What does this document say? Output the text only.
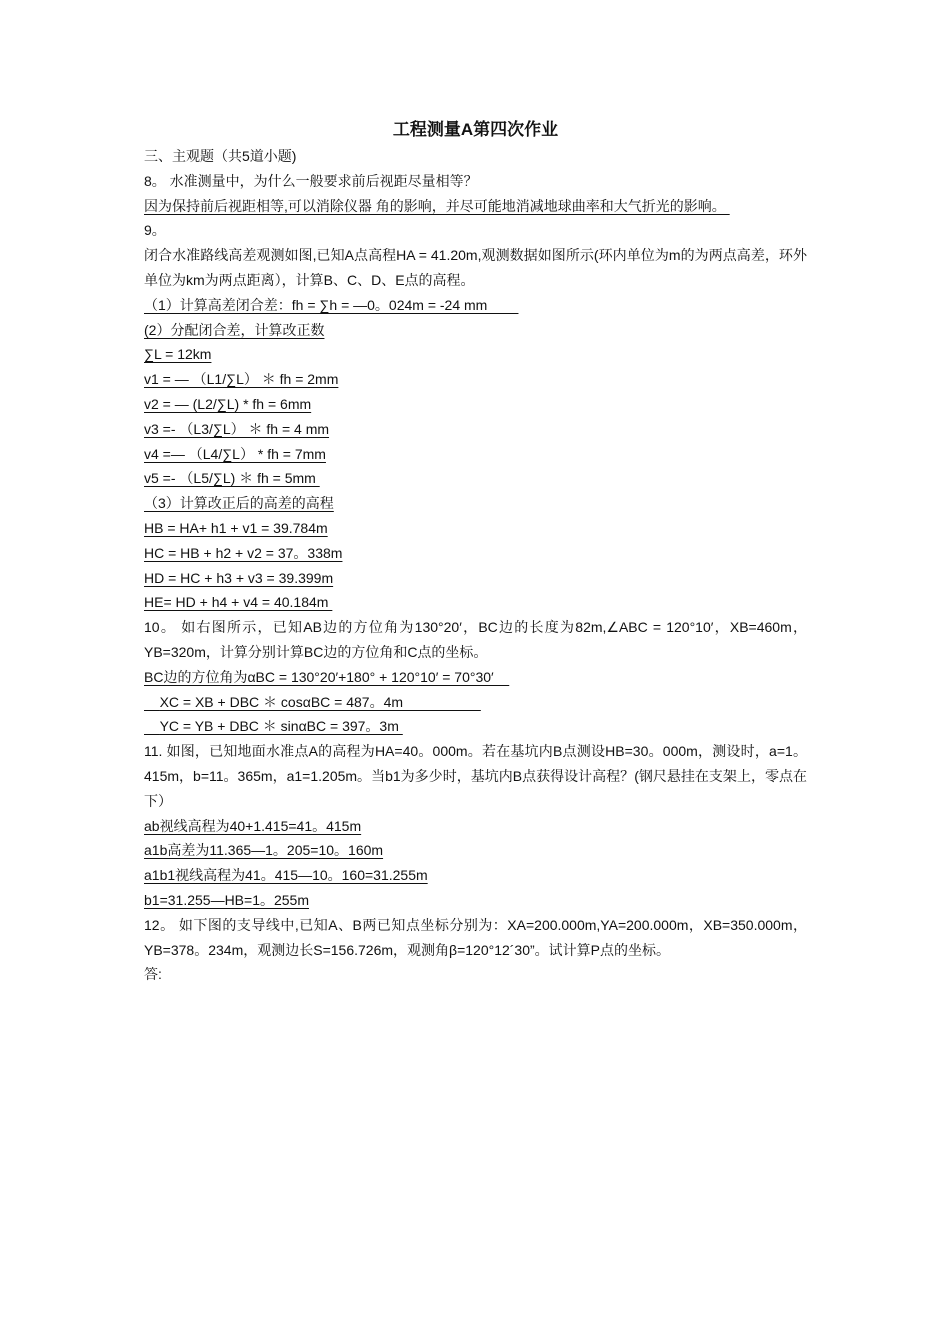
工程测量A第四次作业
三、主观题（共5道小题)
8。 水准测量中，为什么一般要求前后视距尽量相等？
因为保持前后视距相等,可以消除仪器 角的影响，并尽可能地消减地球曲率和大气折光的影响。
9。
闭合水准路线高差观测如图,已知A点高程HA = 41.20m,观测数据如图所示(环内单位为m的为两点高差，环外单位为km为两点距离），计算B、C、D、E点的高程。
（1）计算高差闭合差：fh = ∑h = —0。024m = -24 mm
(2）分配闭合差，计算改正数
∑L = 12km
v1 = — （L1/∑L） ＊ fh = 2mm
v2 = — (L2/∑L) * fh = 6mm
v3 =- （L3/∑L） ＊ fh = 4 mm
v4 =— （L4/∑L） * fh = 7mm
v5 =- （L5/∑L) ＊ fh = 5mm
（3）计算改正后的高差的高程
HB = HA+ h1 + v1 = 39.784m
HC = HB + h2 + v2 = 37。338m
HD = HC + h3 + v3 = 39.399m
HE= HD + h4 + v4 = 40.184m
10。 如右图所示，已知AB边的方位角为130°20′，BC边的长度为82m,∠ABC = 120°10′，XB=460m， YB=320m，计算分别计算BC边的方位角和C点的坐标。
BC边的方位角为αBC = 130°20′+180° + 120°10′ = 70°30′
XC = XB + DBC ＊ cosαBC = 487。4m
YC = YB + DBC ＊ sinαBC = 397。3m
11. 如图，已知地面水准点A的高程为HA=40。000m。若在基坑内B点测设HB=30。000m，测设时，a=1。415m，b=11。365m，a1=1.205m。当b1为多少时，基坑内B点获得设计高程？(钢尺悬挂在支架上，零点在下）
ab视线高程为40+1.415=41。415m
a1b高差为11.365—1。205=10。160m
a1b1视线高程为41。415—10。160=31.255m
b1=31.255—HB=1。255m
12。 如下图的支导线中,已知A、B两已知点坐标分别为：XA=200.000m,YA=200.000m，XB=350.000m，YB=378。234m，观测边长S=156.726m，观测角β=120°12´30”。试计算P点的坐标。
答:
